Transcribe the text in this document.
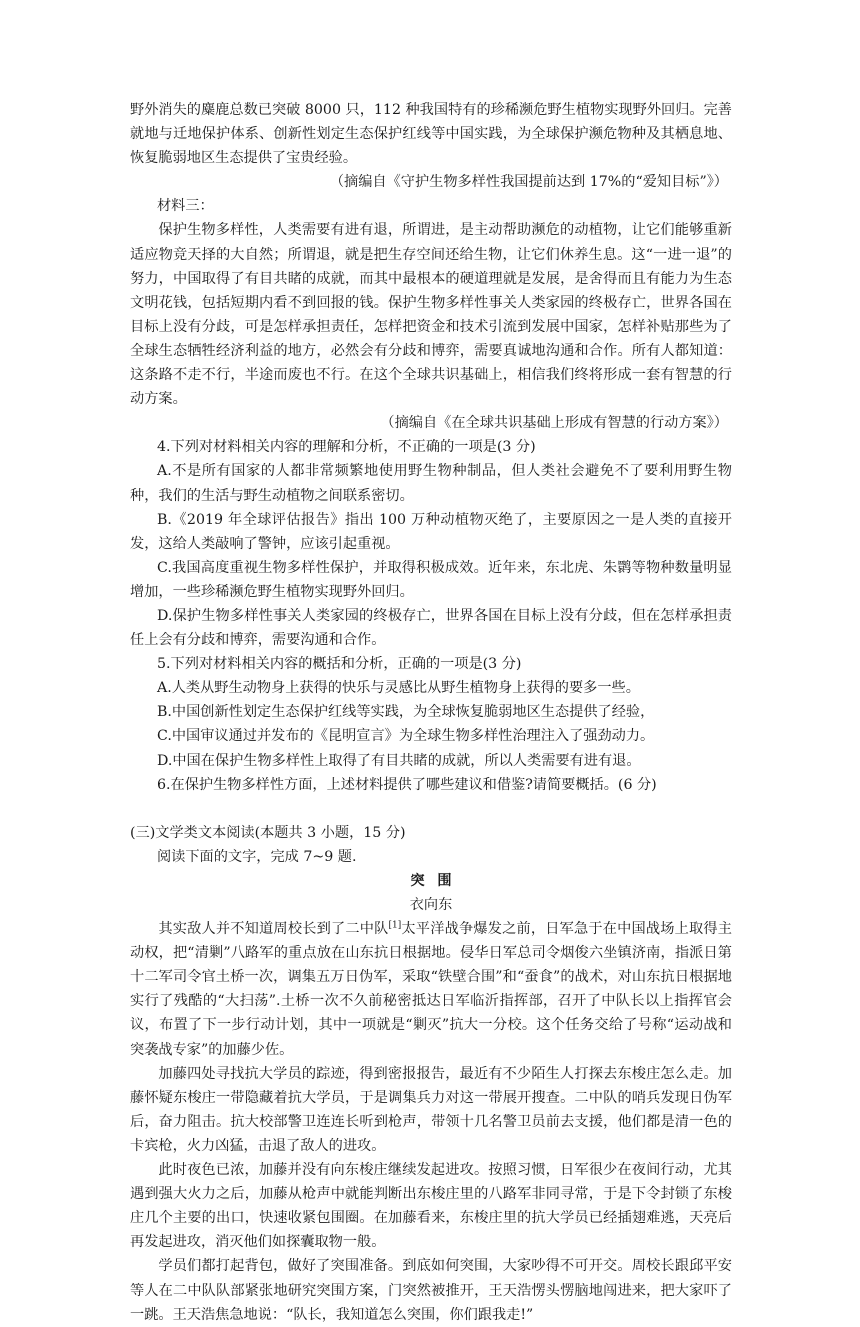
野外消失的麋鹿总数已突破 8000 只，112 种我国特有的珍稀濒危野生植物实现野外回归。完善就地与迁地保护体系、创新性划定生态保护红线等中国实践，为全球保护濒危物种及其栖息地、恢复脆弱地区生态提供了宝贵经验。

（摘编自《守护生物多样性我国提前达到 17%的“爱知目标”》）

材料三：

保护生物多样性，人类需要有进有退，所谓进，是主动帮助濒危的动植物，让它们能够重新适应物竞天择的大自然；所谓退，就是把生存空间还给生物，让它们休养生息。这“一进一退”的努力，中国取得了有目共睹的成就，而其中最根本的硬道理就是发展，是舍得而且有能力为生态文明花钱，包括短期内看不到回报的钱。保护生物多样性事关人类家园的终极存亡，世界各国在目标上没有分歧，可是怎样承担责任，怎样把资金和技术引流到发展中国家，怎样补贴那些为了全球生态牺牲经济利益的地方，必然会有分歧和博弈，需要真诚地沟通和合作。所有人都知道：这条路不走不行，半途而废也不行。在这个全球共识基础上，相信我们终将形成一套有智慧的行动方案。

（摘编自《在全球共识基础上形成有智慧的行动方案》）

4.下列对材料相关内容的理解和分析，不正确的一项是(3 分)

A.不是所有国家的人都非常频繁地使用野生物种制品，但人类社会避免不了要利用野生物种，我们的生活与野生动植物之间联系密切。

B.《2019 年全球评估报告》指出 100 万种动植物灭绝了，主要原因之一是人类的直接开发，这给人类敲响了警钟，应该引起重视。

C.我国高度重视生物多样性保护，并取得积极成效。近年来，东北虎、朱鹮等物种数量明显增加，一些珍稀濒危野生植物实现野外回归。

D.保护生物多样性事关人类家园的终极存亡，世界各国在目标上没有分歧，但在怎样承担责任上会有分歧和博弈，需要沟通和合作。

5.下列对材料相关内容的概括和分析，正确的一项是(3 分)

A.人类从野生动物身上获得的快乐与灵感比从野生植物身上获得的要多一些。

B.中国创新性划定生态保护红线等实践，为全球恢复脆弱地区生态提供了经验，

C.中国审议通过并发布的《昆明宣言》为全球生物多样性治理注入了强劲动力。

D.中国在保护生物多样性上取得了有目共睹的成就，所以人类需要有进有退。

6.在保护生物多样性方面，上述材料提供了哪些建议和借鉴?请简要概括。(6 分)

(三)文学类文本阅读(本题共 3 小题，15 分)

阅读下面的文字，完成 7~9 题.

突围

衣向东

其实敌人并不知道周校长到了二中队[1]太平洋战争爆发之前，日军急于在中国战场上取得主动权，把“清剿”八路军的重点放在山东抗日根据地。侵华日军总司令烟俊六坐镇济南，指派日第十二军司令官土桥一次，调集五万日伪军，采取“铁壁合围”和“蚕食”的战术，对山东抗日根据地实行了残酷的“大扫荡”.土桥一次不久前秘密抵达日军临沂指挥部，召开了中队长以上指挥官会议，布置了下一步行动计划，其中一项就是“剿灭”抗大一分校。这个任务交给了号称“运动战和突袭战专家”的加藤少佐。

加藤四处寻找抗大学员的踪迹，得到密报报告，最近有不少陌生人打探去东梭庄怎么走。加藤怀疑东梭庄一带隐藏着抗大学员，于是调集兵力对这一带展开搜查。二中队的哨兵发现日伪军后，奋力阻击。抗大校部警卫连连长听到枪声，带领十几名警卫员前去支援，他们都是清一色的卡宾枪，火力凶猛，击退了敌人的进攻。

此时夜色已浓，加藤并没有向东梭庄继续发起进攻。按照习惯，日军很少在夜间行动，尤其遇到强大火力之后，加藤从枪声中就能判断出东梭庄里的八路军非同寻常，于是下令封锁了东梭庄几个主要的出口，快速收紧包围圈。在加藤看来，东梭庄里的抗大学员已经插翅难逃，天亮后再发起进攻，消灭他们如探囊取物一般。

学员们都打起背包，做好了突围准备。到底如何突围，大家吵得不可开交。周校长跟邱平安等人在二中队队部紧张地研究突围方案，门突然被推开，王天浩愣头愣脑地闯进来，把大家吓了一跳。王天浩焦急地说：“队长，我知道怎么突围，你们跟我走!”
